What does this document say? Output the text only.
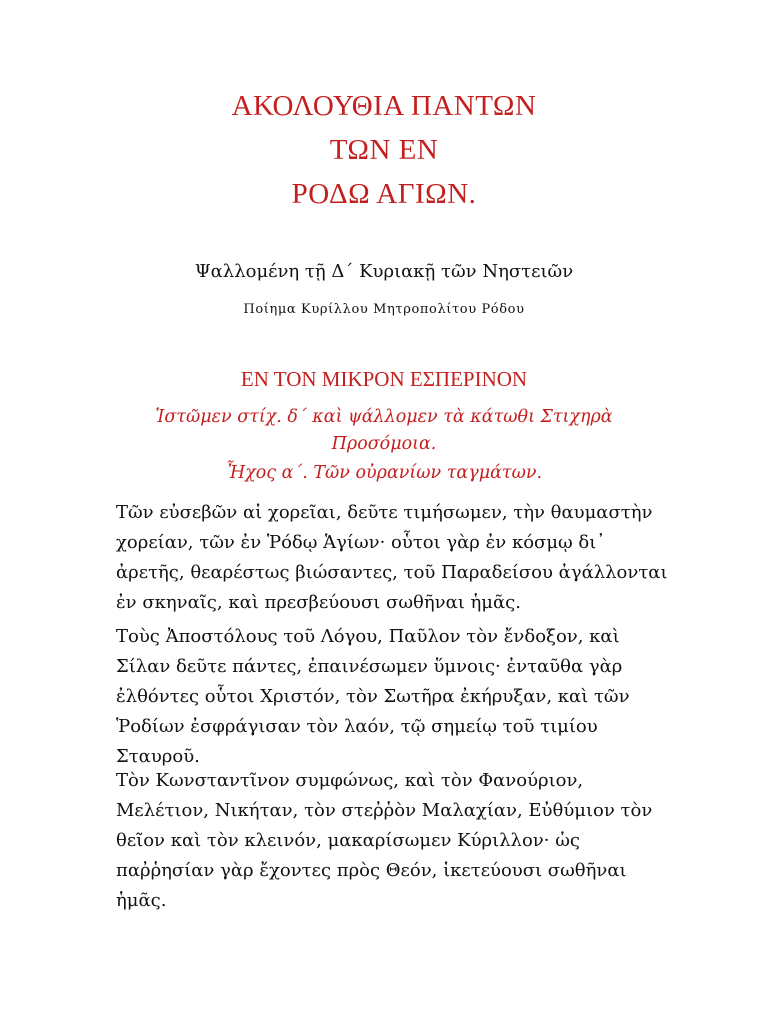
ΑΚΟΛΟΥΘΙΑ ΠΑΝΤΩΝ
ΤΩΝ ΕΝ
ΡΟΔΩ ΑΓΙΩΝ.
Ψαλλομένη τῇ Δ΄ Κυριακῇ τῶν Νηστειῶν
Ποίημα Κυρίλλου Μητροπολίτου Ρόδου
ΕΝ ΤΟΝ ΜΙΚΡΟΝ ΕΣΠΕΡΙΝΟΝ
Ἱστῶμεν στίχ. δ΄ καὶ ψάλλομεν τὰ κάτωθι Στιχηρὰ Προσόμοια.
Ἦχος α΄. Τῶν οὐρανίων ταγμάτων.

Τῶν εὐσεβῶν αἱ χορεῖαι, δεῦτε τιμήσωμεν, τὴν θαυμαστὴν χορείαν, τῶν ἐν Ῥόδῳ Ἁγίων· οὗτοι γὰρ ἐν κόσμῳ δι᾿ ἀρετῆς, θεαρέστως βιώσαντες, τοῦ Παραδείσου ἀγάλλονται ἐν σκηναῖς, καὶ πρεσβεύουσι σωθῆναι ἡμᾶς.

Τοὺς Ἀποστόλους τοῦ Λόγου, Παῦλον τὸν ἔνδοξον, καὶ Σίλαν δεῦτε πάντες, ἐπαινέσωμεν ὕμνοις· ἐνταῦθα γὰρ ἐλθόντες οὗτοι Χριστόν, τὸν Σωτῆρα ἐκήρυξαν, καὶ τῶν Ῥοδίων ἐσφράγισαν τὸν λαόν, τῷ σημείῳ τοῦ τιμίου Σταυροῦ.

Τὸν Κωνσταντῖνον συμφώνως, καὶ τὸν Φανούριον, Μελέτιον, Νικήταν, τὸν στεῤῥὸν Μαλαχίαν, Εὐθύμιον τὸν θεῖον καὶ τὸν κλεινόν, μακαρίσωμεν Κύριλλον· ὡς παῤῥησίαν γὰρ ἔχοντες πρὸς Θεόν, ἱκετεύουσι σωθῆναι ἡμᾶς.
